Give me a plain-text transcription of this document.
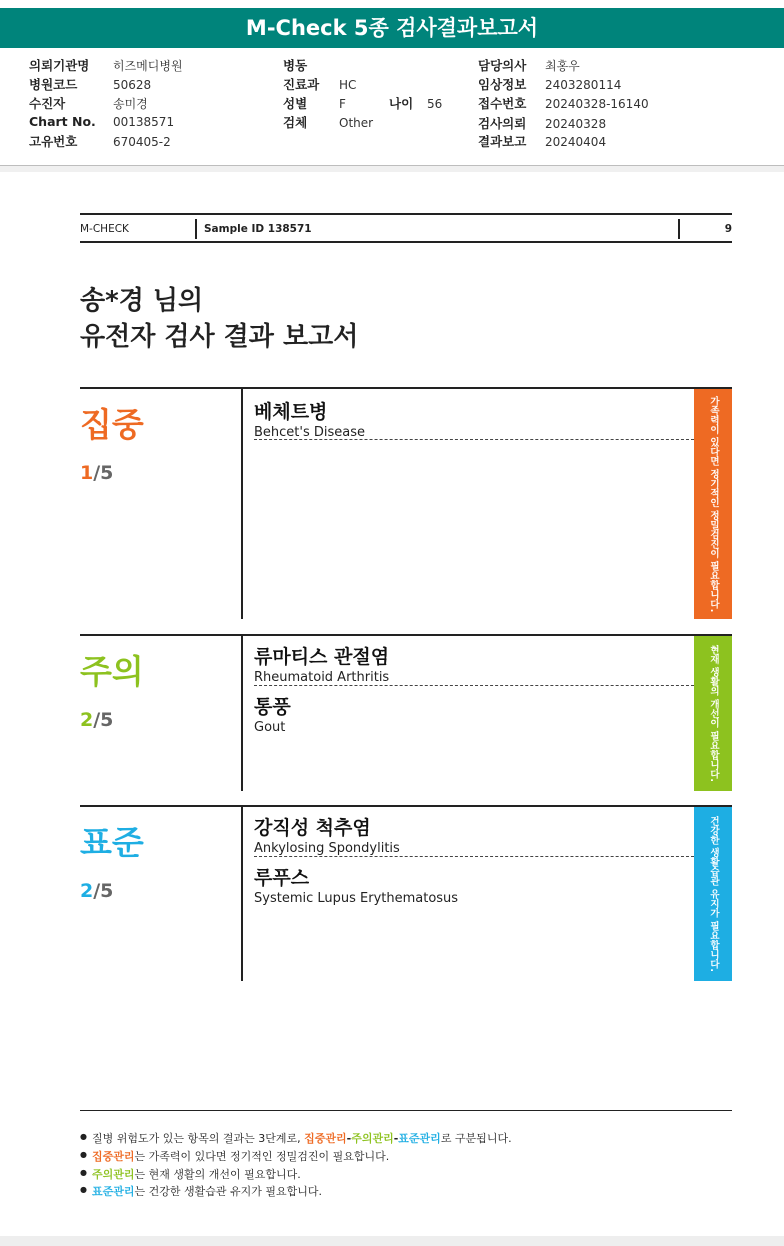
M-Check 5종 검사결과보고서
의뢰기관명 히즈메디병원
병원코드	50628
수진자	송미경
Chart No. 00138571
고유번호	670405-2
병동
진료과 HC
성별	F	나이 56
검체	Other
담당의사 최홍우
임상정보 2403280114
접수번호 20240328-16140
검사의뢰 20240328
결과보고 20240404
M-CHECK	Sample ID 138571	9
송*경 님의
유전자 검사 결과 보고서
집중
1/5
베체트병
Behcet's Disease	가족력이 있다면 정기적인 정밀검진이 필요합니다.
주의
2/5
류마티스 관절염
Rheumatoid Arthritis
통풍
Gout	현재 생활의 개선이 필요합니다.
표준
2/5
강직성 척추염
Ankylosing Spondylitis
루푸스
Systemic Lupus Erythematosus	건강한 생활습관 유지가 필요합니다.
● 질병 위험도가 있는 항목의 결과는 3단계로, 집중관리-주의관리-표준관리로 구분됩니다.
● 집중관리는 가족력이 있다면 정기적인 정밀검진이 필요합니다.
● 주의관리는 현재 생활의 개선이 필요합니다.
● 표준관리는 건강한 생활습관 유지가 필요합니다.
